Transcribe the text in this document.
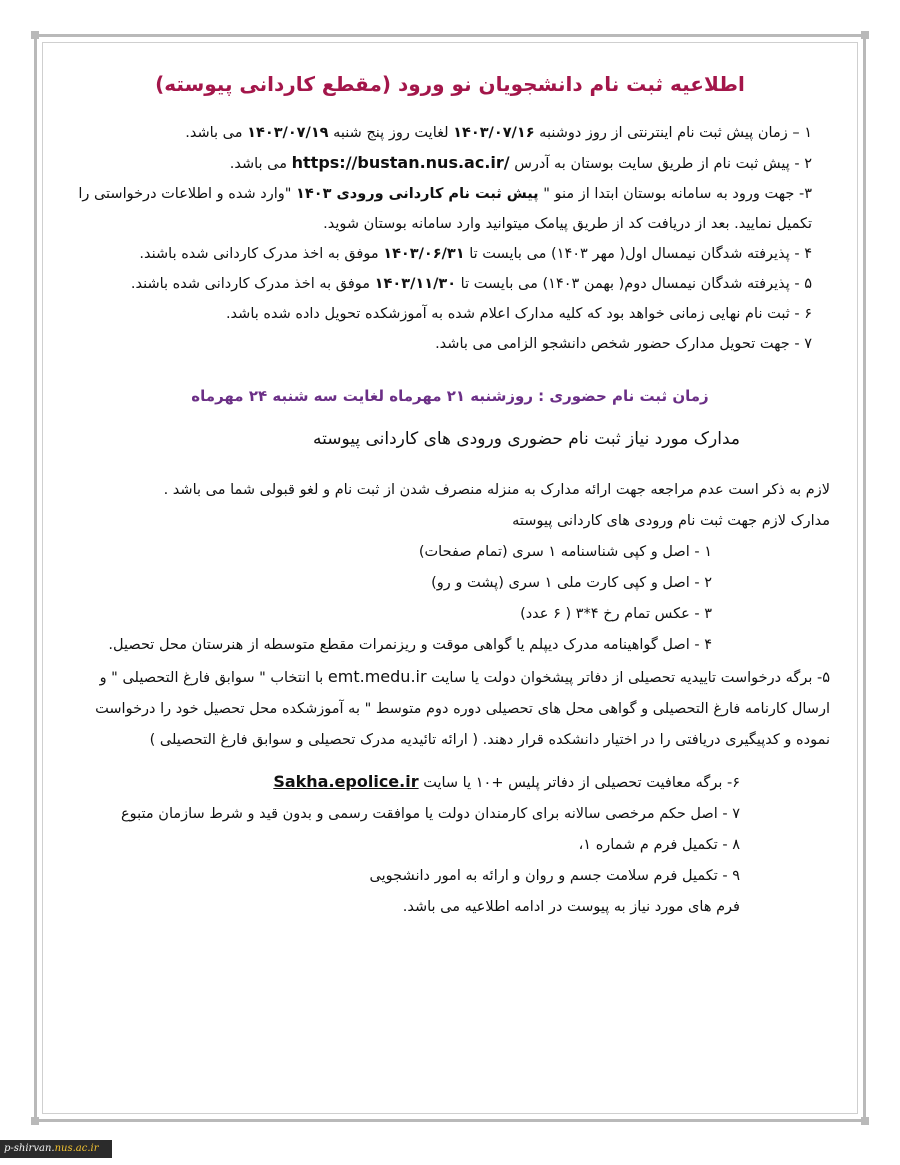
اطلاعیه ثبت نام دانشجویان نو ورود (مقطع کاردانی پیوسته)

۱ – زمان پیش ثبت نام اینترنتی از روز دوشنبه ۱۴۰۳/۰۷/۱۶ لغایت روز پنج شنبه ۱۴۰۳/۰۷/۱۹ می باشد.

۲ - پیش ثبت نام از طریق سایت بوستان به آدرس https://bustan.nus.ac.ir/ می باشد.

۳- جهت ورود به سامانه بوستان ابتدا از منو " پیش ثبت نام کاردانی ورودی ۱۴۰۳ "وارد شده و اطلاعات درخواستی را تکمیل نمایید. بعد از دریافت کد از طریق پیامک میتوانید وارد سامانه بوستان شوید.

۴ - پذیرفته شدگان نیمسال اول( مهر ۱۴۰۳) می بایست تا ۱۴۰۳/۰۶/۳۱ موفق به اخذ مدرک کاردانی شده باشند.

۵ - پذیرفته شدگان نیمسال دوم( بهمن ۱۴۰۳) می بایست تا ۱۴۰۳/۱۱/۳۰ موفق به اخذ مدرک کاردانی شده باشند.

۶ - ثبت نام نهایی زمانی خواهد بود که کلیه مدارک اعلام شده به آموزشکده تحویل داده شده باشد.

۷ - جهت تحویل مدارک حضور شخص دانشجو الزامی می باشد.

زمان ثبت نام حضوری : روزشنبه ۲۱ مهرماه لغایت سه شنبه ۲۴ مهرماه
مدارک مورد نیاز ثبت نام حضوری ورودی های کاردانی پیوسته

لازم به ذکر است عدم مراجعه جهت ارائه مدارک به منزله منصرف شدن از ثبت نام و لغو قبولی شما می باشد .

مدارک لازم جهت ثبت نام ورودی های کاردانی پیوسته

۱ - اصل و کپی شناسنامه ۱ سری (تمام صفحات)

۲ - اصل و کپی کارت ملی ۱ سری (پشت و رو)

۳ - عکس تمام رخ ۴*۳ ( ۶ عدد)

۴ - اصل گواهینامه مدرک دیپلم یا گواهی موقت و ریزنمرات مقطع متوسطه از هنرستان محل تحصیل.

۵- برگه درخواست تاییدیه تحصیلی از دفاتر پیشخوان دولت یا سایت emt.medu.ir با انتخاب " سوابق فارغ التحصیلی " و ارسال کارنامه فارغ التحصیلی و گواهی محل های تحصیلی دوره دوم متوسط " به آموزشکده محل تحصیل خود را درخواست نموده و کدپیگیری دریافتی را در اختیار دانشکده قرار دهند. ( ارائه تائیدیه مدرک تحصیلی و سوابق فارغ التحصیلی )

۶- برگه معافیت تحصیلی از دفاتر پلیس +۱۰ یا سایت Sakha.epolice.ir

۷ - اصل حکم مرخصی سالانه برای کارمندان دولت یا موافقت رسمی و بدون قید و شرط سازمان متبوع

۸ - تکمیل فرم م شماره ۱،

۹ - تکمیل فرم سلامت جسم و روان و ارائه به امور دانشجویی

فرم های مورد نیاز به پیوست در ادامه اطلاعیه می باشد.

p-shirvan.nus.ac.ir
